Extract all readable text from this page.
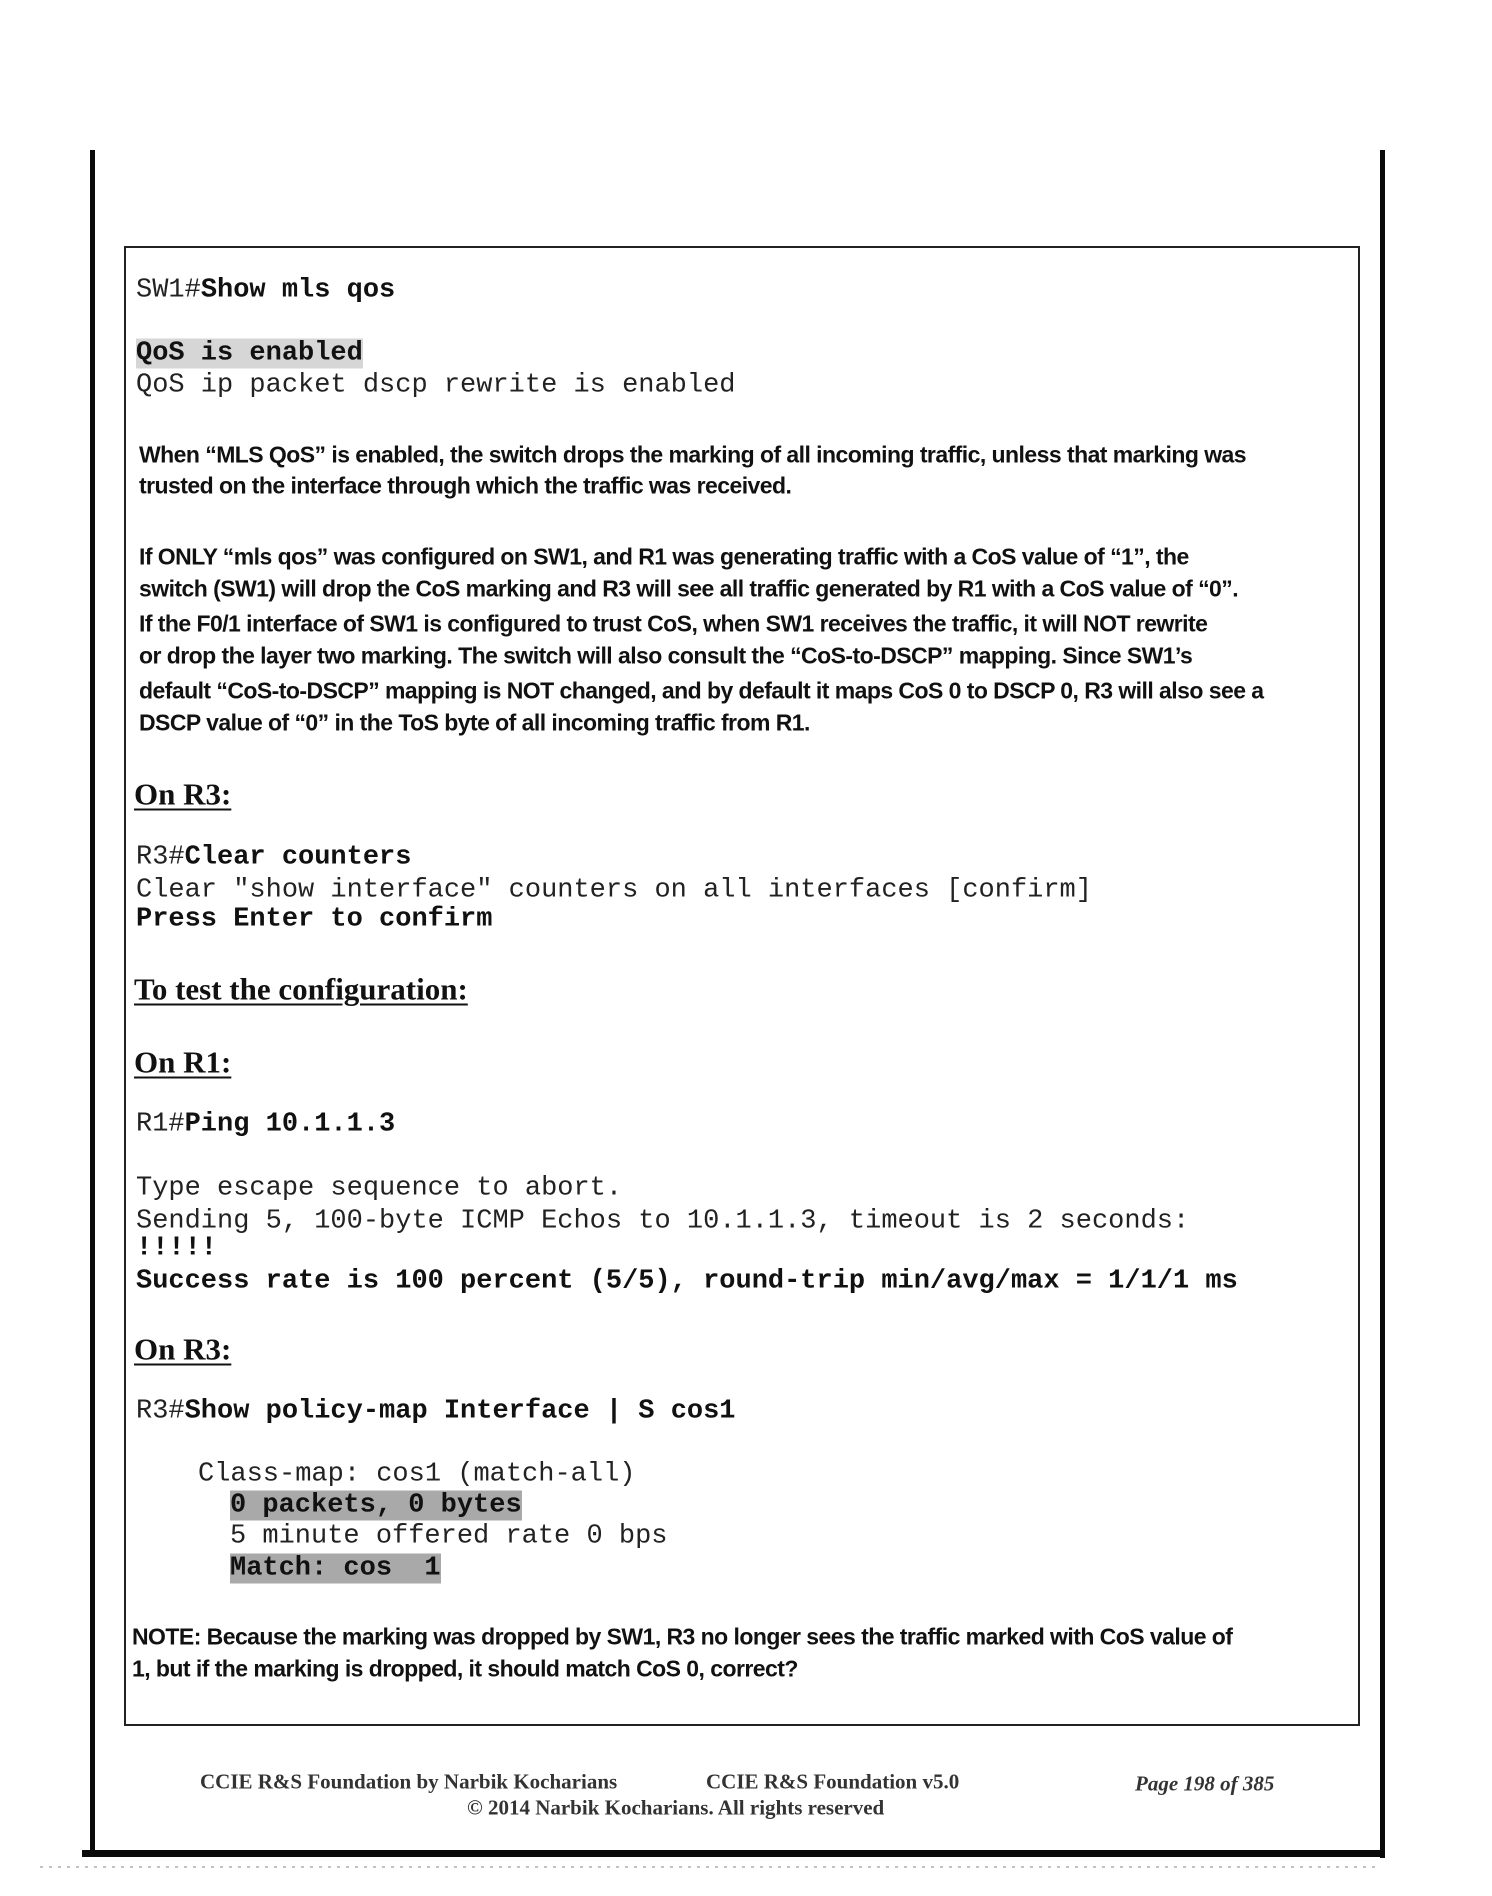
SW1#Show mls qos
QoS is enabled
QoS ip packet dscp rewrite is enabled
When “MLS QoS” is enabled, the switch drops the marking of all incoming traffic, unless that marking was
trusted on the interface through which the traffic was received.
If ONLY “mls qos” was configured on SW1, and R1 was generating traffic with a CoS value of “1”, the
switch (SW1) will drop the CoS marking and R3 will see all traffic generated by R1 with a CoS value of “0”.
If the F0/1 interface of SW1 is configured to trust CoS, when SW1 receives the traffic, it will NOT rewrite
or drop the layer two marking. The switch will also consult the “CoS-to-DSCP” mapping. Since SW1’s
default “CoS-to-DSCP” mapping is NOT changed, and by default it maps CoS 0 to DSCP 0, R3 will also see a
DSCP value of “0” in the ToS byte of all incoming traffic from R1.
On R3:
R3#Clear counters
Clear "show interface" counters on all interfaces [confirm]
Press Enter to confirm
To test the configuration:
On R1:
R1#Ping 10.1.1.3
Type escape sequence to abort.
Sending 5, 100-byte ICMP Echos to 10.1.1.3, timeout is 2 seconds:
!!!!!
Success rate is 100 percent (5/5), round-trip min/avg/max = 1/1/1 ms
On R3:
R3#Show policy-map Interface | S cos1
Class-map: cos1 (match-all)
0 packets, 0 bytes
5 minute offered rate 0 bps
Match: cos  1
NOTE: Because the marking was dropped by SW1, R3 no longer sees the traffic marked with CoS value of
1, but if the marking is dropped, it should match CoS 0, correct?
CCIE R&S Foundation by Narbik Kocharians	CCIE R&S Foundation v5.0	Page 198 of 385
© 2014 Narbik Kocharians. All rights reserved
